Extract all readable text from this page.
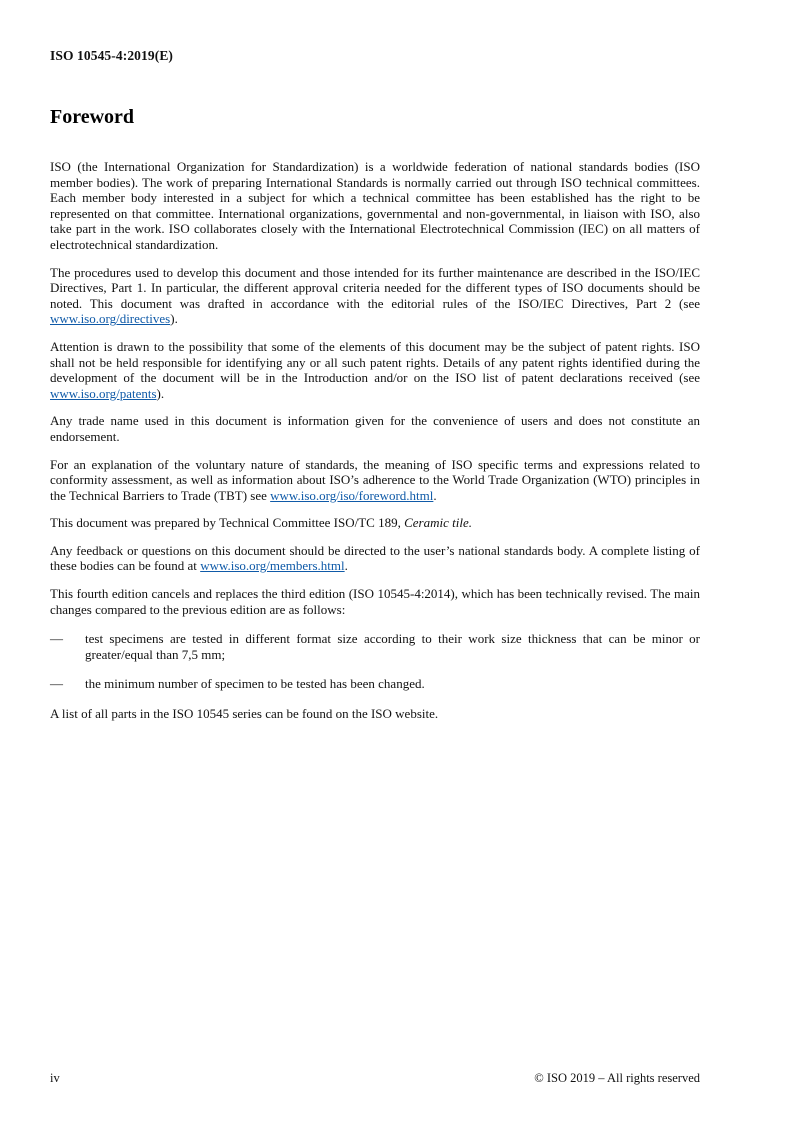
ISO 10545-4:2019(E)
Foreword

ISO (the International Organization for Standardization) is a worldwide federation of national standards bodies (ISO member bodies). The work of preparing International Standards is normally carried out through ISO technical committees. Each member body interested in a subject for which a technical committee has been established has the right to be represented on that committee. International organizations, governmental and non-governmental, in liaison with ISO, also take part in the work. ISO collaborates closely with the International Electrotechnical Commission (IEC) on all matters of electrotechnical standardization.

The procedures used to develop this document and those intended for its further maintenance are described in the ISO/IEC Directives, Part 1. In particular, the different approval criteria needed for the different types of ISO documents should be noted. This document was drafted in accordance with the editorial rules of the ISO/IEC Directives, Part 2 (see www.iso.org/directives).

Attention is drawn to the possibility that some of the elements of this document may be the subject of patent rights. ISO shall not be held responsible for identifying any or all such patent rights. Details of any patent rights identified during the development of the document will be in the Introduction and/or on the ISO list of patent declarations received (see www.iso.org/patents).

Any trade name used in this document is information given for the convenience of users and does not constitute an endorsement.

For an explanation of the voluntary nature of standards, the meaning of ISO specific terms and expressions related to conformity assessment, as well as information about ISO’s adherence to the World Trade Organization (WTO) principles in the Technical Barriers to Trade (TBT) see www.iso.org/iso/foreword.html.

This document was prepared by Technical Committee ISO/TC 189, Ceramic tile.

Any feedback or questions on this document should be directed to the user’s national standards body. A complete listing of these bodies can be found at www.iso.org/members.html.

This fourth edition cancels and replaces the third edition (ISO 10545-4:2014), which has been technically revised. The main changes compared to the previous edition are as follows:

— test specimens are tested in different format size according to their work size thickness that can be minor or greater/equal than 7,5 mm;

— the minimum number of specimen to be tested has been changed.

A list of all parts in the ISO 10545 series can be found on the ISO website.

iv	© ISO 2019 – All rights reserved
